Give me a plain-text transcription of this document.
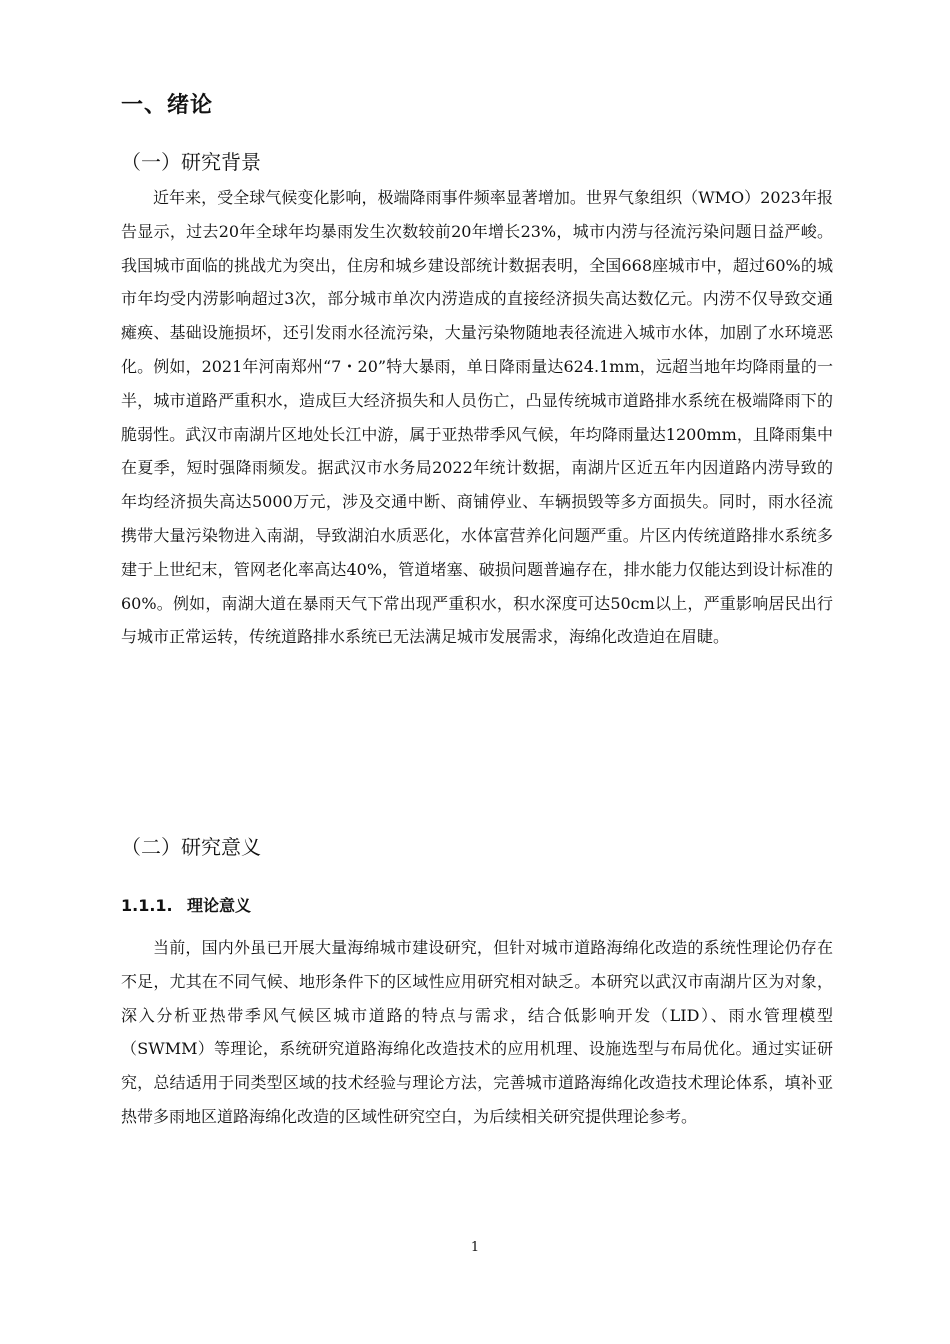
一、绪论
（一）研究背景

近年来，受全球气候变化影响，极端降雨事件频率显著增加。世界气象组织（WMO）2023年报告显示，过去20年全球年均暴雨发生次数较前20年增长23%，城市内涝与径流污染问题日益严峻。我国城市面临的挑战尤为突出，住房和城乡建设部统计数据表明，全国668座城市中，超过60%的城市年均受内涝影响超过3次，部分城市单次内涝造成的直接经济损失高达数亿元。内涝不仅导致交通瘫痪、基础设施损坏，还引发雨水径流污染，大量污染物随地表径流进入城市水体，加剧了水环境恶化。例如，2021年河南郑州“7・20”特大暴雨，单日降雨量达624.1mm，远超当地年均降雨量的一半，城市道路严重积水，造成巨大经济损失和人员伤亡，凸显传统城市道路排水系统在极端降雨下的脆弱性。武汉市南湖片区地处长江中游，属于亚热带季风气候，年均降雨量达1200mm，且降雨集中在夏季，短时强降雨频发。据武汉市水务局2022年统计数据，南湖片区近五年内因道路内涝导致的年均经济损失高达5000万元，涉及交通中断、商铺停业、车辆损毁等多方面损失。同时，雨水径流携带大量污染物进入南湖，导致湖泊水质恶化，水体富营养化问题严重。片区内传统道路排水系统多建于上世纪末，管网老化率高达40%，管道堵塞、破损问题普遍存在，排水能力仅能达到设计标准的60%。例如，南湖大道在暴雨天气下常出现严重积水，积水深度可达50cm以上，严重影响居民出行与城市正常运转，传统道路排水系统已无法满足城市发展需求，海绵化改造迫在眉睫。

（二）研究意义
1.1.1. 理论意义

当前，国内外虽已开展大量海绵城市建设研究，但针对城市道路海绵化改造的系统性理论仍存在不足，尤其在不同气候、地形条件下的区域性应用研究相对缺乏。本研究以武汉市南湖片区为对象，深入分析亚热带季风气候区城市道路的特点与需求，结合低影响开发（LID）、雨水管理模型（SWMM）等理论，系统研究道路海绵化改造技术的应用机理、设施选型与布局优化。通过实证研究，总结适用于同类型区域的技术经验与理论方法，完善城市道路海绵化改造技术理论体系，填补亚热带多雨地区道路海绵化改造的区域性研究空白，为后续相关研究提供理论参考。

1
